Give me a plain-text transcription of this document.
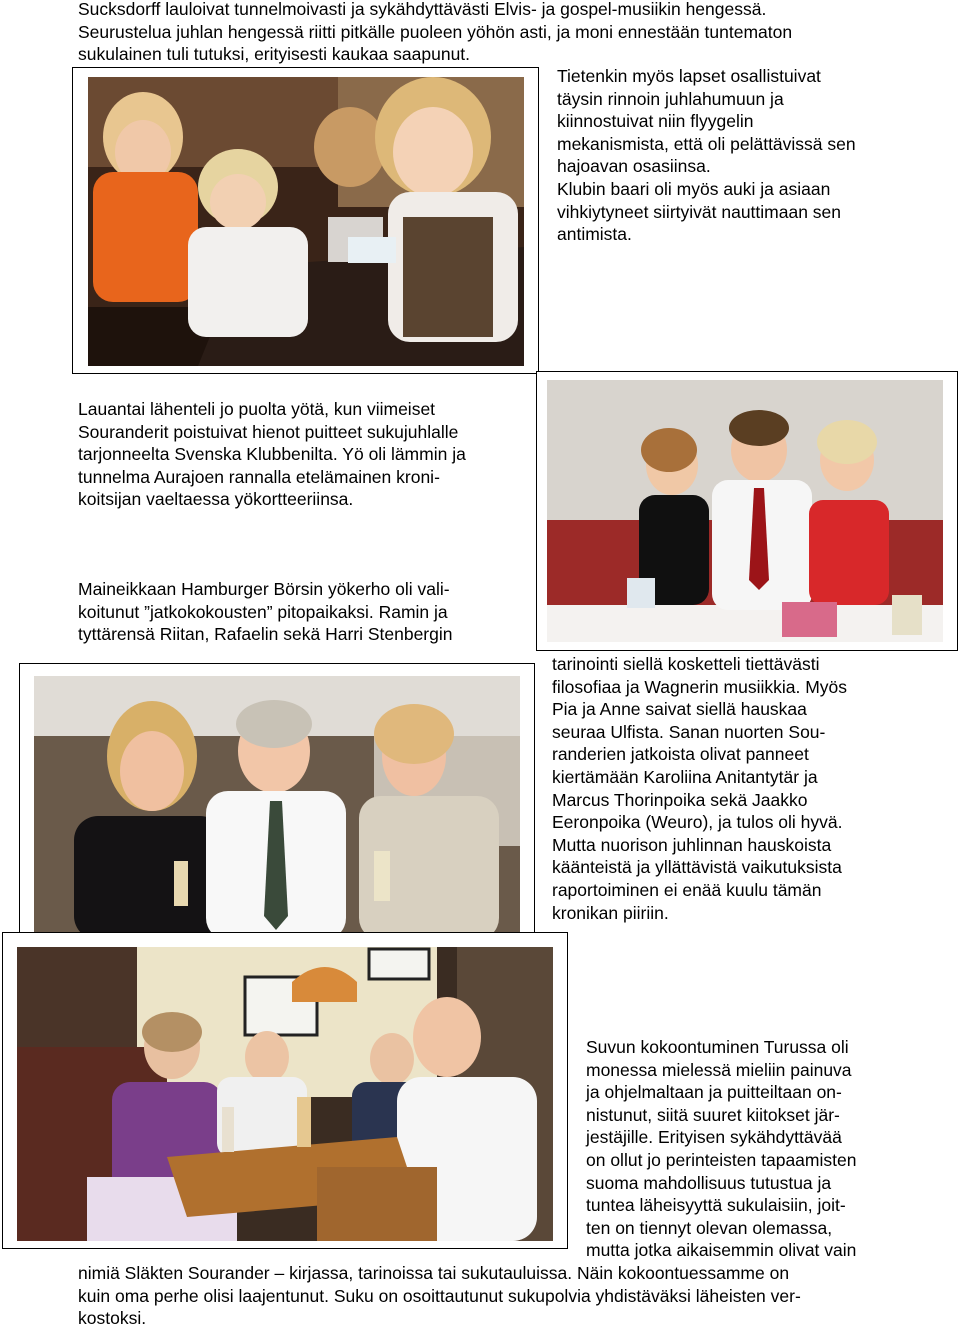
Sucksdorff lauloivat tunnelmoivasti ja sykähdyttävästi Elvis- ja gospel-musiikin hengessä.
Seurustelua juhlan hengessä riitti pitkälle puoleen yöhön asti, ja moni ennestään tuntematon
sukulainen tuli tutuksi, erityisesti kaukaa saapunut.
Tietenkin myös lapset osallistuivat
täysin rinnoin juhlahumuun ja
kiinnostuivat niin flyygelin
mekanismista, että oli pelättävissä sen
hajoavan osasiinsa.
Klubin baari oli myös auki ja asiaan
vihkiytyneet siirtyivät nauttimaan sen
antimista.
Lauantai lähenteli jo puolta yötä, kun viimeiset
Souranderit poistuivat hienot puitteet sukujuhlalle
tarjonneelta Svenska Klubbenilta. Yö oli lämmin ja
tunnelma Aurajoen rannalla etelämainen kroni-
koitsijan vaeltaessa yökortteeriinsa.
Maineikkaan Hamburger Börsin yökerho oli vali-
koitunut ”jatkokokousten” pitopaikaksi. Ramin ja
tyttärensä Riitan, Rafaelin sekä Harri Stenbergin
tarinointi siellä kosketteli tiettävästi
filosofiaa ja Wagnerin musiikkia. Myös
Pia ja Anne saivat siellä hauskaa
seuraa Ulfista. Sanan nuorten Sou-
randerien jatkoista olivat panneet
kiertämään Karoliina Anitantytär ja
Marcus Thorinpoika sekä Jaakko
Eeronpoika (Weuro), ja tulos oli hyvä.
Mutta nuorison juhlinnan hauskoista
käänteistä ja yllättävistä vaikutuksista
raportoiminen ei enää kuulu tämän
kronikan piiriin.
Suvun kokoontuminen Turussa oli
monessa mielessä mieliin painuva
ja ohjelmaltaan ja puitteiltaan on-
nistunut, siitä suuret kiitokset jär-
jestäjille. Erityisen sykähdyttävää
on ollut jo perinteisten tapaamisten
suoma mahdollisuus tutustua ja
tuntea läheisyyttä sukulaisiin, joit-
ten on tiennyt olevan olemassa,
mutta jotka aikaisemmin olivat vain
nimiä Släkten Sourander – kirjassa, tarinoissa tai sukutauluissa. Näin kokoontuessamme on
kuin oma perhe olisi laajentunut. Suku on osoittautunut sukupolvia yhdistäväksi läheisten ver-
kostoksi.
